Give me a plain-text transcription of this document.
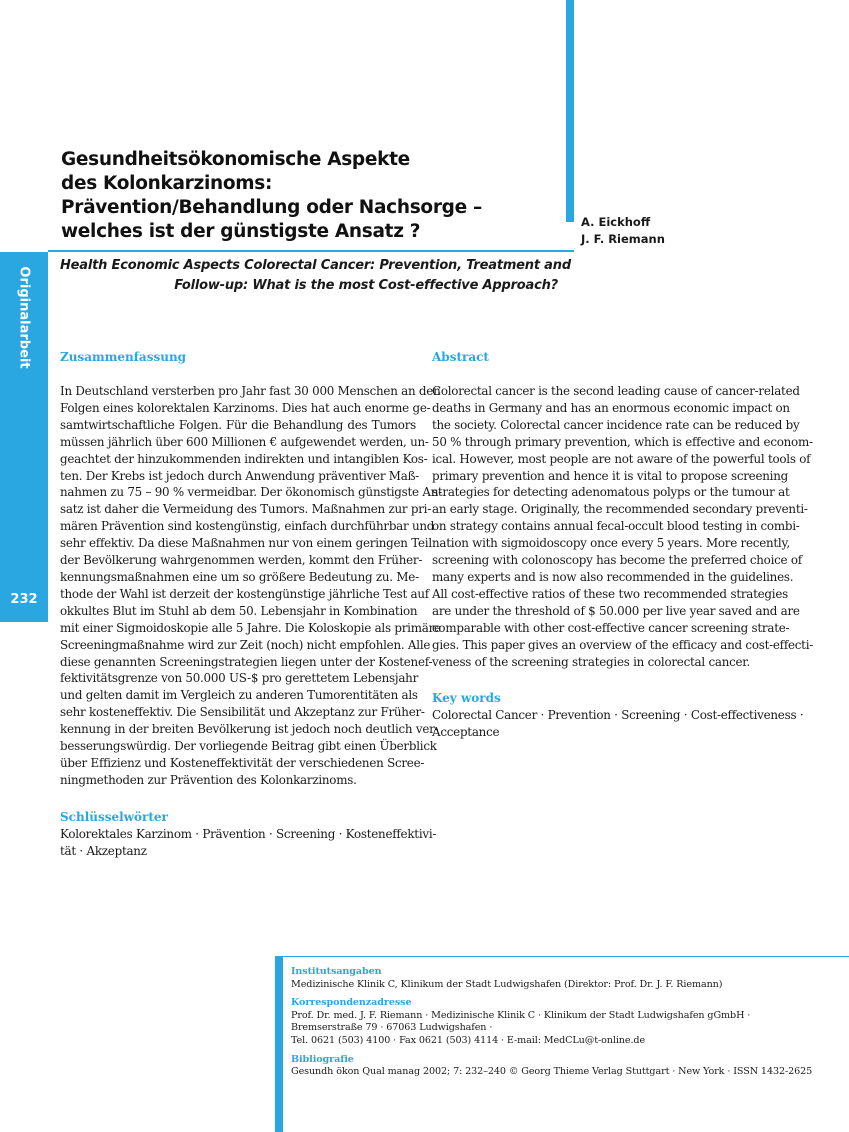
Originalarbeit
232
Gesundheitsökonomische Aspekte
des Kolonkarzinoms:
Prävention/Behandlung oder Nachsorge –
welches ist der günstigste Ansatz ?	A. Eickhoff
J. F. Riemann
Health Economic Aspects Colorectal Cancer: Prevention, Treatment and
Follow-up: What is the most Cost-effective Approach?
Zusammenfassung
In Deutschland versterben pro Jahr fast 30 000 Menschen an den
Folgen eines kolorektalen Karzinoms. Dies hat auch enorme ge-
samtwirtschaftliche Folgen. Für die Behandlung des Tumors
müssen jährlich über 600 Millionen € aufgewendet werden, un-
geachtet der hinzukommenden indirekten und intangiblen Kos-
ten. Der Krebs ist jedoch durch Anwendung präventiver Maß-
nahmen zu 75 – 90 % vermeidbar. Der ökonomisch günstigste An-
satz ist daher die Vermeidung des Tumors. Maßnahmen zur pri-
mären Prävention sind kostengünstig, einfach durchführbar und
sehr effektiv. Da diese Maßnahmen nur von einem geringen Teil
der Bevölkerung wahrgenommen werden, kommt den Früher-
kennungsmaßnahmen eine um so größere Bedeutung zu. Me-
thode der Wahl ist derzeit der kostengünstige jährliche Test auf
okkultes Blut im Stuhl ab dem 50. Lebensjahr in Kombination
mit einer Sigmoidoskopie alle 5 Jahre. Die Koloskopie als primäre
Screeningmaßnahme wird zur Zeit (noch) nicht empfohlen. Alle
diese genannten Screeningstrategien liegen unter der Kostenef-
fektivitätsgrenze von 50.000 US-$ pro gerettetem Lebensjahr
und gelten damit im Vergleich zu anderen Tumorentitäten als
sehr kosteneffektiv. Die Sensibilität und Akzeptanz zur Früher-
kennung in der breiten Bevölkerung ist jedoch noch deutlich ver-
besserungswürdig. Der vorliegende Beitrag gibt einen Überblick
über Effizienz und Kosteneffektivität der verschiedenen Scree-
ningmethoden zur Prävention des Kolonkarzinoms.
Schlüsselwörter
Kolorektales Karzinom · Prävention · Screening · Kosteneffektivi-
tät · Akzeptanz
Abstract
Colorectal cancer is the second leading cause of cancer-related
deaths in Germany and has an enormous economic impact on
the society. Colorectal cancer incidence rate can be reduced by
50 % through primary prevention, which is effective and econom-
ical. However, most people are not aware of the powerful tools of
primary prevention and hence it is vital to propose screening
strategies for detecting adenomatous polyps or the tumour at
an early stage. Originally, the recommended secondary preventi-
on strategy contains annual fecal-occult blood testing in combi-
nation with sigmoidoscopy once every 5 years. More recently,
screening with colonoscopy has become the preferred choice of
many experts and is now also recommended in the guidelines.
All cost-effective ratios of these two recommended strategies
are under the threshold of $ 50.000 per live year saved and are
comparable with other cost-effective cancer screening strate-
gies. This paper gives an overview of the efficacy and cost-effecti-
veness of the screening strategies in colorectal cancer.
Key words
Colorectal Cancer · Prevention · Screening · Cost-effectiveness ·
Acceptance
Institutsangaben
Medizinische Klinik C, Klinikum der Stadt Ludwigshafen (Direktor: Prof. Dr. J. F. Riemann)
Korrespondenzadresse
Prof. Dr. med. J. F. Riemann · Medizinische Klinik C · Klinikum der Stadt Ludwigshafen gGmbH ·
Bremserstraße 79 · 67063 Ludwigshafen ·
Tel. 0621 (503) 4100 · Fax 0621 (503) 4114 · E-mail: MedCLu@t-online.de
Bibliografie
Gesundh ökon Qual manag 2002; 7: 232–240 © Georg Thieme Verlag Stuttgart · New York · ISSN 1432-2625
